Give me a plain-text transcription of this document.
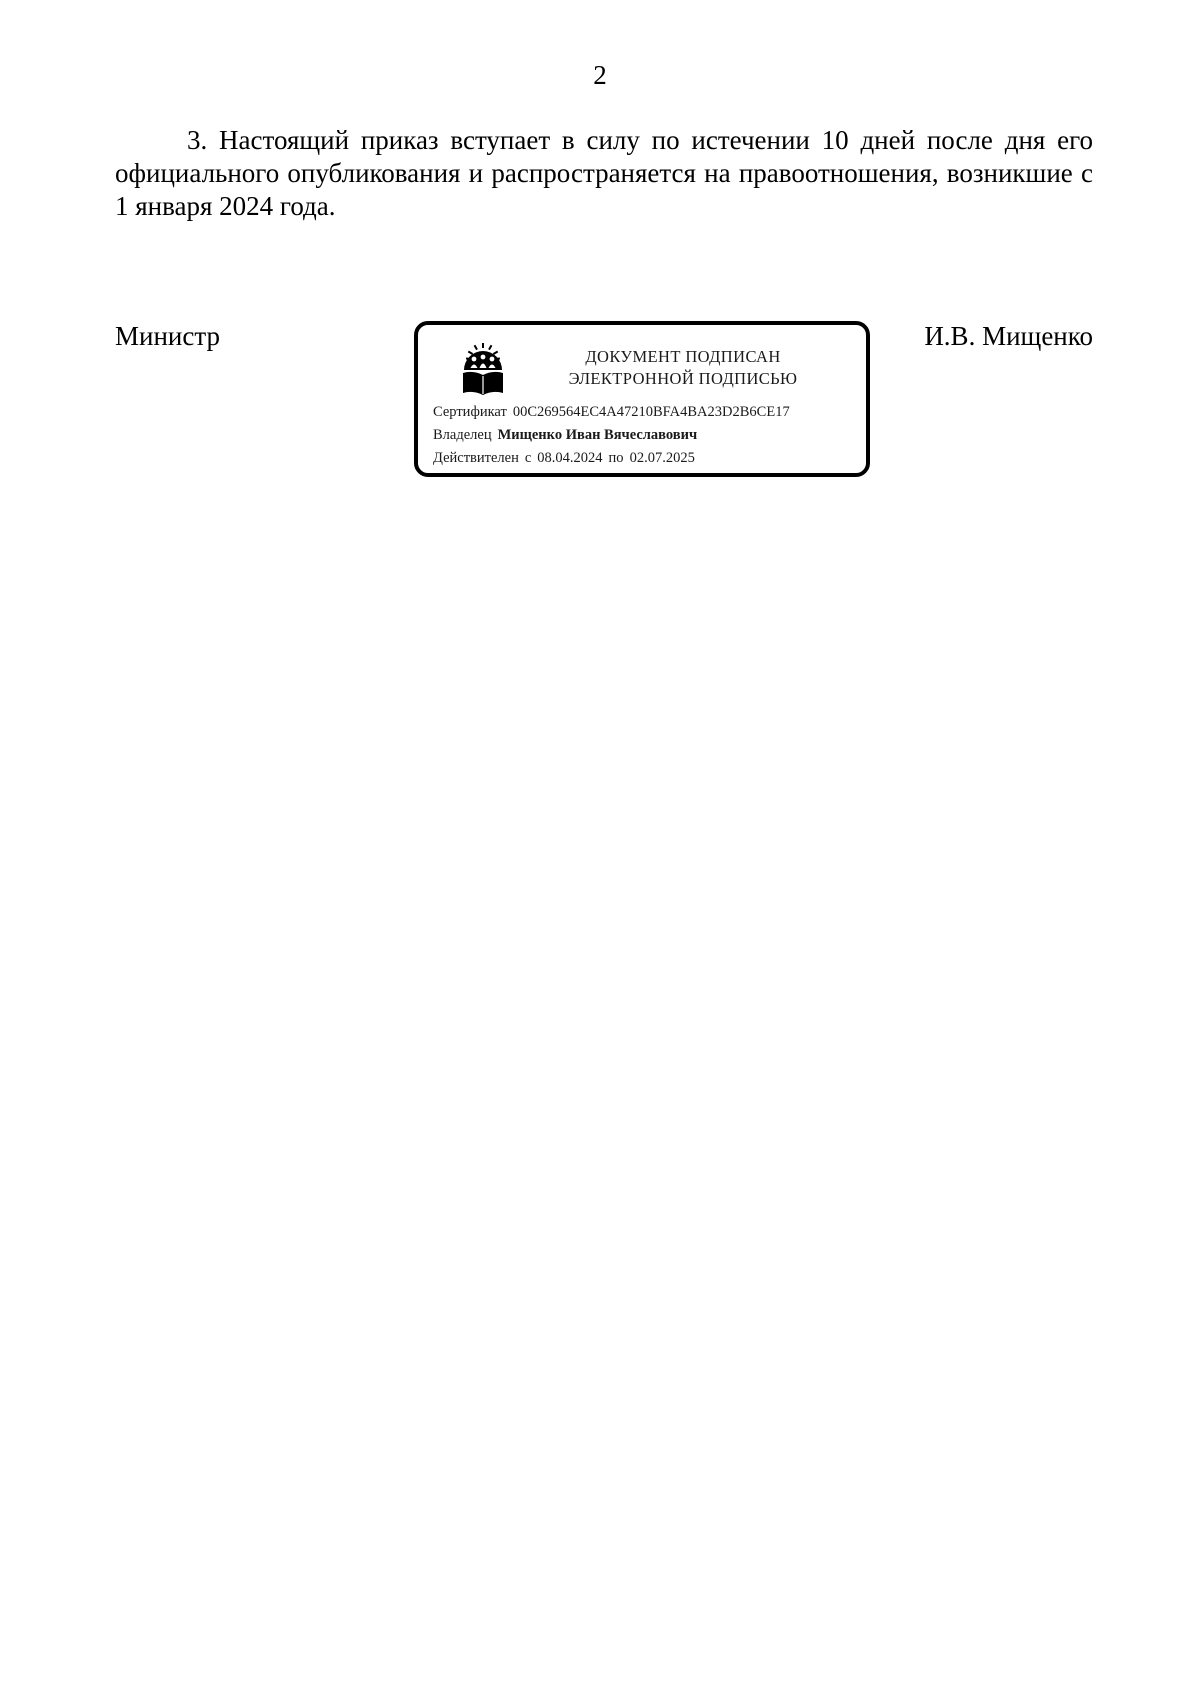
2

3. Настоящий приказ вступает в силу по истечении 10 дней после дня его официального опубликования и распространяется на правоотношения, возникшие с 1 января 2024 года.

Министр
ДОКУМЕНТ ПОДПИСАН
ЭЛЕКТРОННОЙ ПОДПИСЬЮ
Сертификат 00C269564EC4A47210BFA4BA23D2B6CE17
Владелец Мищенко Иван Вячеславович
Действителен с 08.04.2024 по 02.07.2025
И.В. Мищенко
